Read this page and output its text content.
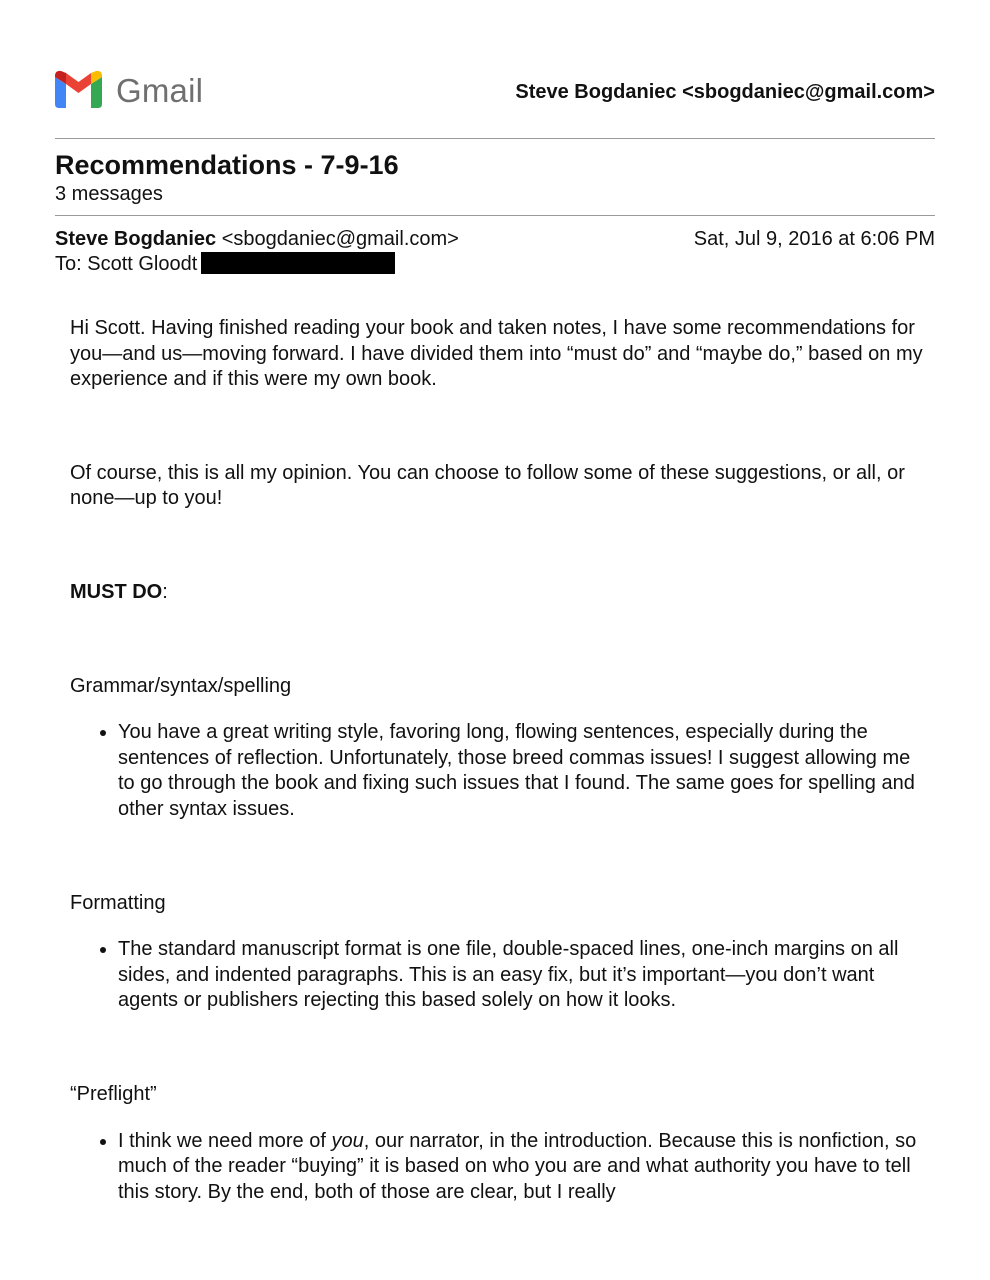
Gmail	Steve Bogdaniec <sbogdaniec@gmail.com>
Recommendations - 7-9-16
3 messages
Steve Bogdaniec <sbogdaniec@gmail.com>	Sat, Jul 9, 2016 at 6:06 PM
To: Scott Gloodt

Hi Scott. Having finished reading your book and taken notes, I have some recommendations for you—and us—moving forward. I have divided them into “must do” and “maybe do,” based on my experience and if this were my own book.

Of course, this is all my opinion. You can choose to follow some of these suggestions, or all, or none—up to you!

MUST DO:

Grammar/syntax/spelling

• You have a great writing style, favoring long, flowing sentences, especially during the sentences of reflection. Unfortunately, those breed commas issues! I suggest allowing me to go through the book and fixing such issues that I found. The same goes for spelling and other syntax issues.

Formatting

• The standard manuscript format is one file, double-spaced lines, one-inch margins on all sides, and indented paragraphs. This is an easy fix, but it’s important—you don’t want agents or publishers rejecting this based solely on how it looks.

“Preflight”

• I think we need more of you, our narrator, in the introduction. Because this is nonfiction, so much of the reader “buying” it is based on who you are and what authority you have to tell this story. By the end, both of those are clear, but I really
